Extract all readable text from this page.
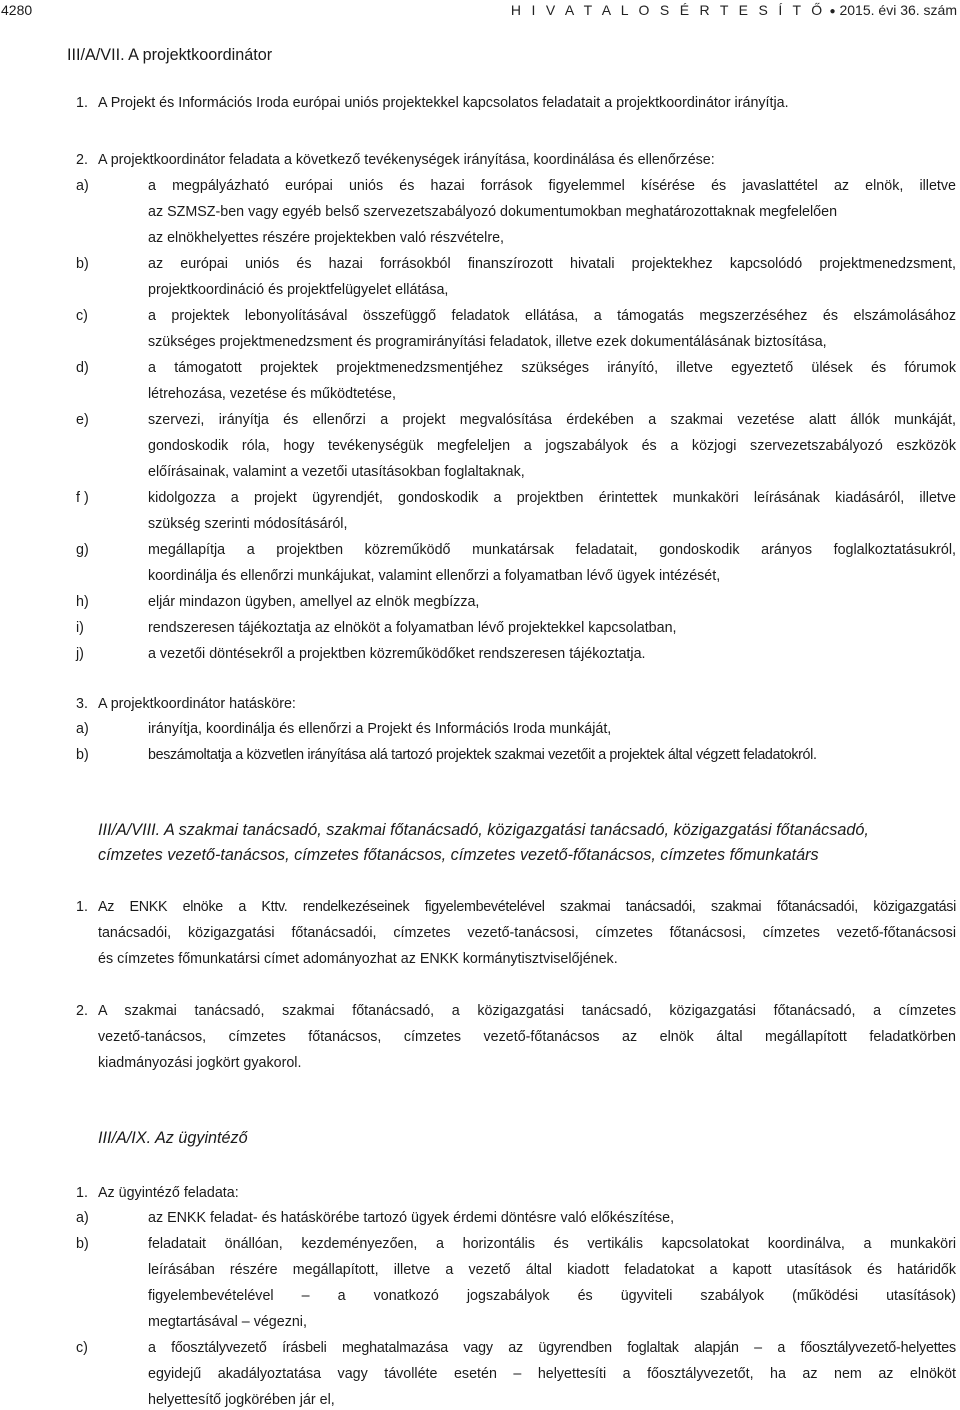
4280	H I V A T A L O S É R T E S Í T Ő ● 2015. évi 36. szám
III/A/VII. A projektkoordinátor
1. A Projekt és Információs Iroda európai uniós projektekkel kapcsolatos feladatait a projektkoordinátor irányítja.
2. A projektkoordinátor feladata a következő tevékenységek irányítása, koordinálása és ellenőrzése:
a)	a megpályázható európai uniós és hazai források figyelemmel kísérése és javaslattétel az elnök, illetve
az SZMSZ-ben vagy egyéb belső szervezetszabályozó dokumentumokban meghatározottaknak megfelelően
az elnökhelyettes részére projektekben való részvételre,
b)	az európai uniós és hazai forrásokból finanszírozott hivatali projektekhez kapcsolódó projektmenedzsment,
projektkoordináció és projektfelügyelet ellátása,
c)	a projektek lebonyolításával összefüggő feladatok ellátása, a támogatás megszerzéséhez és elszámolásához
szükséges projektmenedzsment és programirányítási feladatok, illetve ezek dokumentálásának biztosítása,
d)	a támogatott projektek projektmenedzsmentjéhez szükséges irányító, illetve egyeztető ülések és fórumok
létrehozása, vezetése és működtetése,
e)	szervezi, irányítja és ellenőrzi a projekt megvalósítása érdekében a szakmai vezetése alatt állók munkáját,
gondoskodik róla, hogy tevékenységük megfeleljen a jogszabályok és a közjogi szervezetszabályozó eszközök
előírásainak, valamint a vezetői utasításokban foglaltaknak,
f )	kidolgozza a projekt ügyrendjét, gondoskodik a projektben érintettek munkaköri leírásának kiadásáról, illetve
szükség szerinti módosításáról,
g)	megállapítja a projektben közreműködő munkatársak feladatait, gondoskodik arányos foglalkoztatásukról,
koordinálja és ellenőrzi munkájukat, valamint ellenőrzi a folyamatban lévő ügyek intézését,
h)	eljár mindazon ügyben, amellyel az elnök megbízza,
i)	rendszeresen tájékoztatja az elnököt a folyamatban lévő projektekkel kapcsolatban,
j)	a vezetői döntésekről a projektben közreműködőket rendszeresen tájékoztatja.
3. A projektkoordinátor hatásköre:
a)	irányítja, koordinálja és ellenőrzi a Projekt és Információs Iroda munkáját,
b)	beszámoltatja a közvetlen irányítása alá tartozó projektek szakmai vezetőit a projektek által végzett feladatokról.
III/A/VIII. A szakmai tanácsadó, szakmai főtanácsadó, közigazgatási tanácsadó, közigazgatási főtanácsadó,
címzetes vezető-tanácsos, címzetes főtanácsos, címzetes vezető-főtanácsos, címzetes főmunkatárs
1. Az ENKK elnöke a Kttv. rendelkezéseinek figyelembevételével szakmai tanácsadói, szakmai főtanácsadói, közigazgatási
tanácsadói, közigazgatási főtanácsadói, címzetes vezető-tanácsosi, címzetes főtanácsosi, címzetes vezető-főtanácsosi
és címzetes főmunkatársi címet adományozhat az ENKK kormánytisztviselőjének.
2. A szakmai tanácsadó, szakmai főtanácsadó, a közigazgatási tanácsadó, közigazgatási főtanácsadó, a címzetes
vezető-tanácsos, címzetes főtanácsos, címzetes vezető-főtanácsos az elnök által megállapított feladatkörben
kiadmányozási jogkört gyakorol.
III/A/IX. Az ügyintéző
1. Az ügyintéző feladata:
a)	az ENKK feladat- és hatáskörébe tartozó ügyek érdemi döntésre való előkészítése,
b)	feladatait önállóan, kezdeményezően, a horizontális és vertikális kapcsolatokat koordinálva, a munkaköri
leírásában részére megállapított, illetve a vezető által kiadott feladatokat a kapott utasítások és határidők
figyelembevételével – a vonatkozó jogszabályok és ügyviteli szabályok (működési utasítások)
megtartásával – végezni,
c)	a főosztályvezető írásbeli meghatalmazása vagy az ügyrendben foglaltak alapján – a főosztályvezető-helyettes
egyidejű akadályoztatása vagy távolléte esetén – helyettesíti a főosztályvezetőt, ha az nem az elnököt
helyettesítő jogkörében jár el,
